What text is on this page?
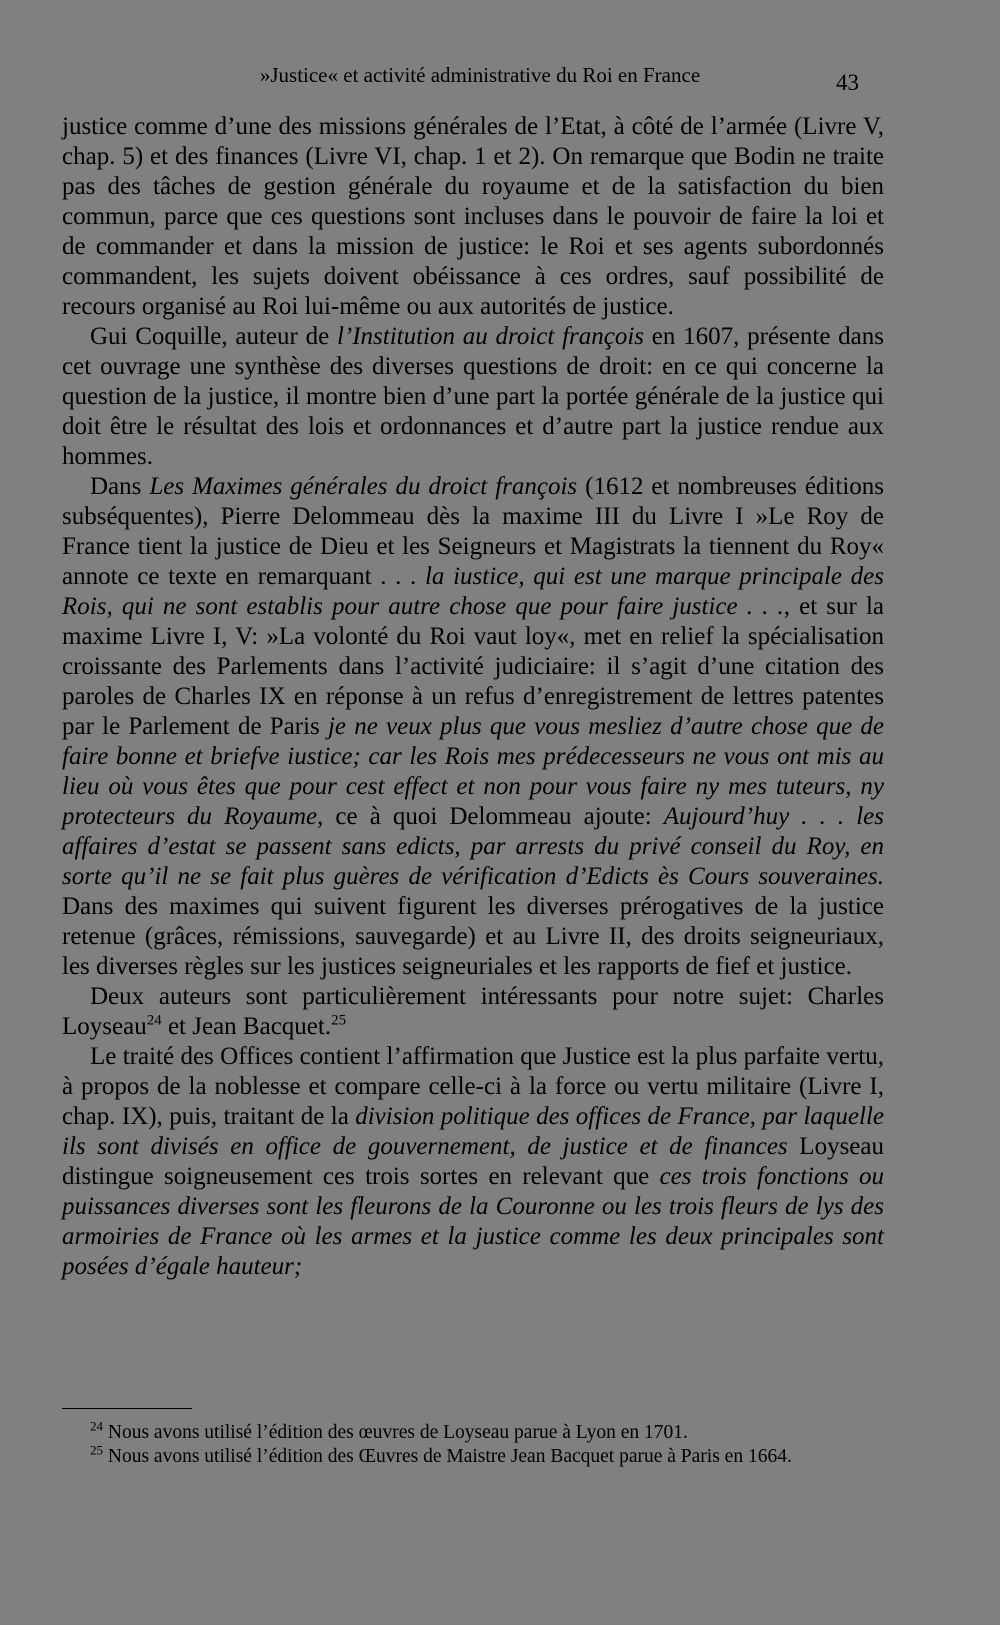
»Justice« et activité administrative du Roi en France	43

justice comme d’une des missions générales de l’Etat, à côté de l’armée (Livre V, chap. 5) et des finances (Livre VI, chap. 1 et 2). On remarque que Bodin ne traite pas des tâches de gestion générale du royaume et de la satisfaction du bien commun, parce que ces questions sont incluses dans le pouvoir de faire la loi et de commander et dans la mission de justice: le Roi et ses agents subordonnés commandent, les sujets doivent obéissance à ces ordres, sauf possibilité de recours organisé au Roi lui-même ou aux autorités de justice.

Gui Coquille, auteur de l’Institution au droict françois en 1607, présente dans cet ouvrage une synthèse des diverses questions de droit: en ce qui concerne la question de la justice, il montre bien d’une part la portée générale de la justice qui doit être le résultat des lois et ordonnances et d’autre part la justice rendue aux hommes.

Dans Les Maximes générales du droict françois (1612 et nombreuses éditions subséquentes), Pierre Delommeau dès la maxime III du Livre I »Le Roy de France tient la justice de Dieu et les Seigneurs et Magistrats la tiennent du Roy« annote ce texte en remarquant . . . la iustice, qui est une marque principale des Rois, qui ne sont establis pour autre chose que pour faire justice . . ., et sur la maxime Livre I, V: »La volonté du Roi vaut loy«, met en relief la spécialisation croissante des Parlements dans l’activité judiciaire: il s’agit d’une citation des paroles de Charles IX en réponse à un refus d’enregistrement de lettres patentes par le Parlement de Paris je ne veux plus que vous mesliez d’autre chose que de faire bonne et briefve iustice; car les Rois mes prédecesseurs ne vous ont mis au lieu où vous êtes que pour cest effect et non pour vous faire ny mes tuteurs, ny protecteurs du Royaume, ce à quoi Delommeau ajoute: Aujourd’huy . . . les affaires d’estat se passent sans edicts, par arrests du privé conseil du Roy, en sorte qu’il ne se fait plus guères de vérification d’Edicts ès Cours souveraines. Dans des maximes qui suivent figurent les diverses prérogatives de la justice retenue (grâces, rémissions, sauvegarde) et au Livre II, des droits seigneuriaux, les diverses règles sur les justices seigneuriales et les rapports de fief et justice.

Deux auteurs sont particulièrement intéressants pour notre sujet: Charles Loyseau$^{24}$ et Jean Bacquet.$^{25}$

Le traité des Offices contient l’affirmation que Justice est la plus parfaite vertu, à propos de la noblesse et compare celle-ci à la force ou vertu militaire (Livre I, chap. IX), puis, traitant de la division politique des offices de France, par laquelle ils sont divisés en office de gouvernement, de justice et de finances Loyseau distingue soigneusement ces trois sortes en relevant que ces trois fonctions ou puissances diverses sont les fleurons de la Couronne ou les trois fleurs de lys des armoiries de France où les armes et la justice comme les deux principales sont posées d’égale hauteur;

$^{24}$ Nous avons utilisé l’édition des œuvres de Loyseau parue à Lyon en 1701.

$^{25}$ Nous avons utilisé l’édition des Œuvres de Maistre Jean Bacquet parue à Paris en 1664.
